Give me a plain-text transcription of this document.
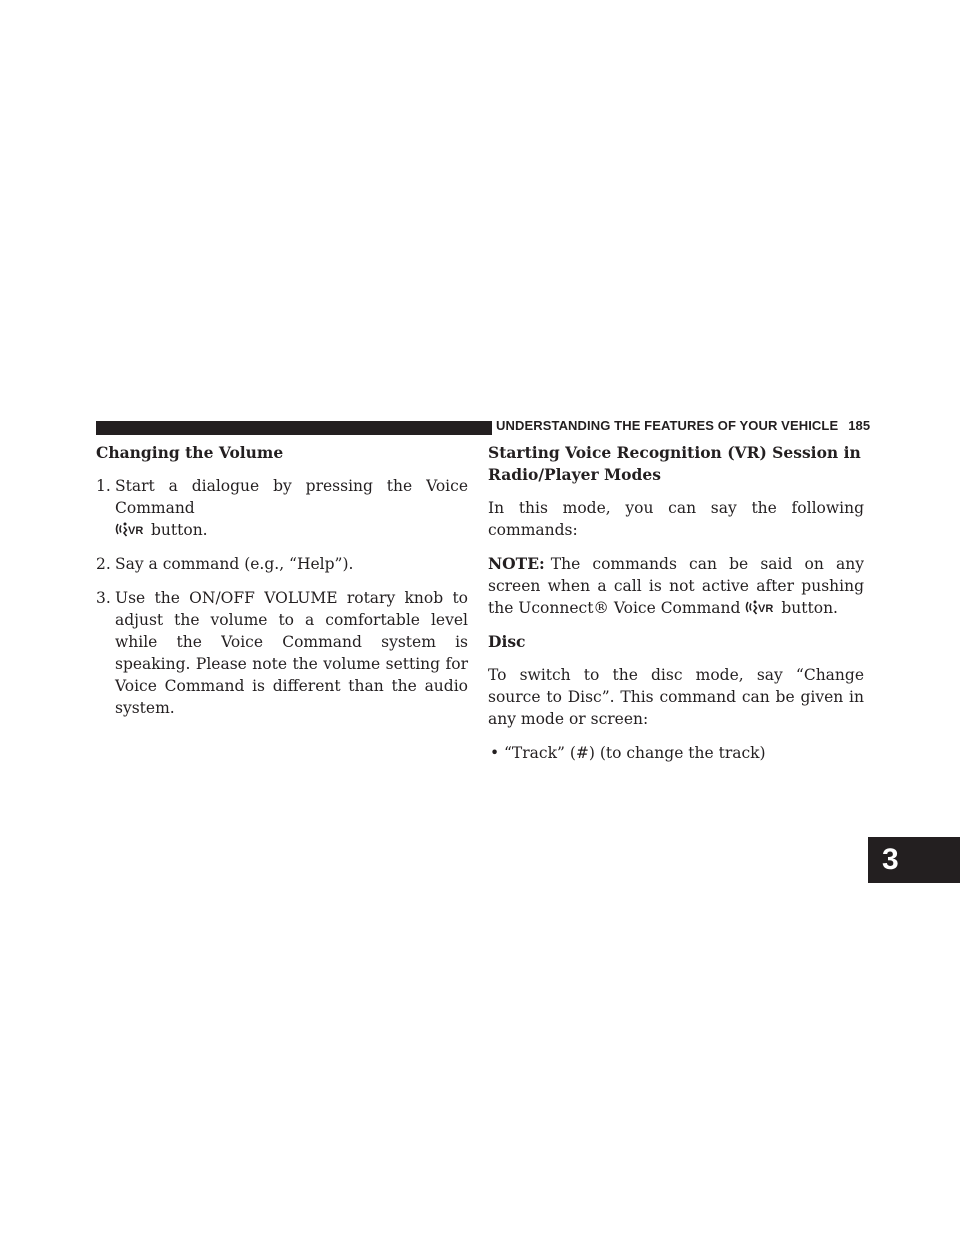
UNDERSTANDING THE FEATURES OF YOUR VEHICLE 185
3
Changing the Volume
1. Start a dialogue by pressing the Voice Command

VR button.
2. Say a command (e.g., “Help”).
3. Use the ON/OFF VOLUME rotary knob to adjust the volume to a comfortable level while the Voice Command system is speaking. Please note the volume setting for Voice Command is different than the audio system.
Starting Voice Recognition (VR) Session in Radio/Player Modes

In this mode, you can say the following commands:

NOTE: The commands can be said on any screen when a call is not active after pushing the Uconnect® Voice Command VR button.

Disc

To switch to the disc mode, say “Change source to Disc”. This command can be given in any mode or screen:

• “Track” (#) (to change the track)
